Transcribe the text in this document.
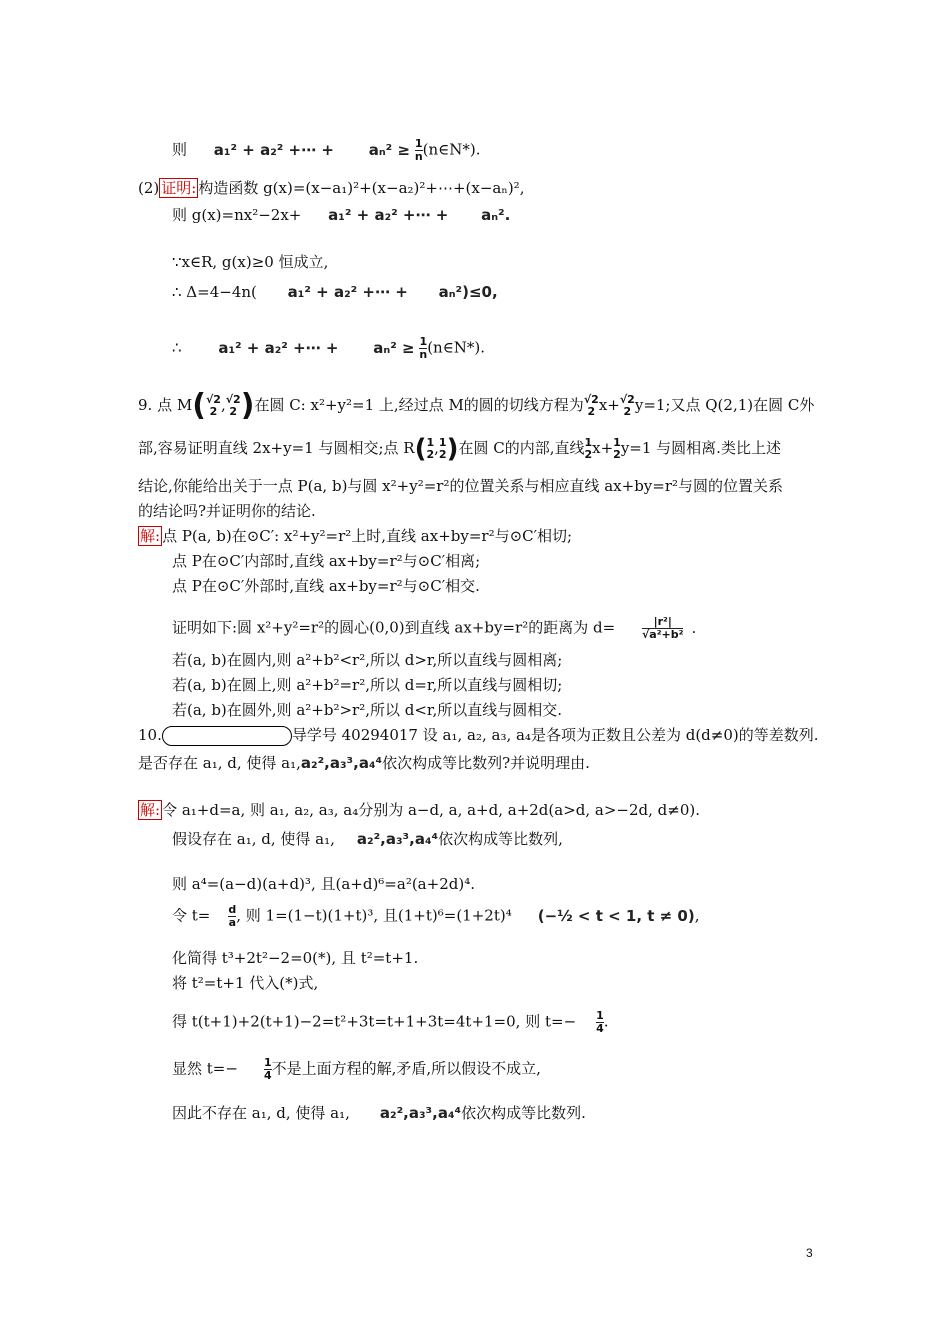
则 a₁² + a₂² +⋯ + $a_n^2 \ge \frac{1}{n}$ (n∈N*).
(2) 证明: 构造函数 g(x)=(x−a₁)²+(x−a₂)²+⋯+(x−aₙ)²,
则 g(x)=nx²−2x+ a₁² + a₂² +⋯ + aₙ².
∵x∈R, g(x)≥0 恒成立,
∴ Δ=4−4n( a₁² + a₂² +⋯ + aₙ²)≤0,
∴ a₁² + a₂² +⋯ + $a_n^2 \ge \frac{1}{n}$ (n∈N*).
9. 点 M( √2
2 , √2
2 )在圆 C: x²+y²=1 上,经过点 M的圆的切线方程为 √2
2 x+ √2
2 y=1;又点 Q(2,1)在圆 C外
部,容易证明直线 2x+y=1 与圆相交;点 R( 1
2 , 1
2 )在圆 C的内部,直线 1
2 x+ 1
2 y=1 与圆相离.类比上述
结论,你能给出关于一点 P(a, b)与圆 x²+y²=r²的位置关系与相应直线 ax+by=r²与圆的位置关系
的结论吗?并证明你的结论.
解: 点 P(a, b)在⊙C′: x²+y²=r²上时,直线 ax+by=r²与⊙C′相切;
点 P在⊙C′内部时,直线 ax+by=r²与⊙C′相离;
点 P在⊙C′外部时,直线 ax+by=r²与⊙C′相交.
证明如下:圆 x²+y²=r²的圆心(0,0)到直线 ax+by=r²的距离为 $d= \frac{\text{|r²|}}{\text{√a²+b²}}$ .
若(a, b)在圆内,则 a²+b²<r²,所以 d>r,所以直线与圆相离;
若(a, b)在圆上,则 a²+b²=r²,所以 d=r,所以直线与圆相切;
若(a, b)在圆外,则 a²+b²>r²,所以 d<r,所以直线与圆相交.
10.	导学号 40294017 设 a₁, a₂, a₃, a₄是各项为正数且公差为 d(d≠0)的等差数列.
是否存在 a₁, d, 使得 a₁,a₂²,a₃³,a₄⁴依次构成等比数列?并说明理由.
解: 令 a₁+d=a, 则 a₁, a₂, a₃, a₄分别为 a−d, a, a+d, a+2d(a>d, a>−2d, d≠0).
假设存在 a₁, d, 使得 a₁, a₂²,a₃³,a₄⁴依次构成等比数列,
则 a⁴=(a−d)(a+d)³, 且(a+d)⁶=a²(a+2d)⁴.
令 $t= \frac{d}{a}$ , 则 1=(1−t)(1+t)³, 且(1+t)⁶=(1+2t)⁴ (−½ < t < 1, t ≠ 0),
化简得 t³+2t²−2=0(*), 且 t²=t+1.
将 t²=t+1 代入(*)式,
得 t(t+1)+2(t+1)−2=t²+3t=t+1+3t=4t+1=0, 则 $t=- \frac{1}{4}$ .
显然 $t=- \frac{1}{4}$ 不是上面方程的解,矛盾,所以假设不成立,
因此不存在 a₁, d, 使得 a₁, a₂²,a₃³,a₄⁴依次构成等比数列.
3
